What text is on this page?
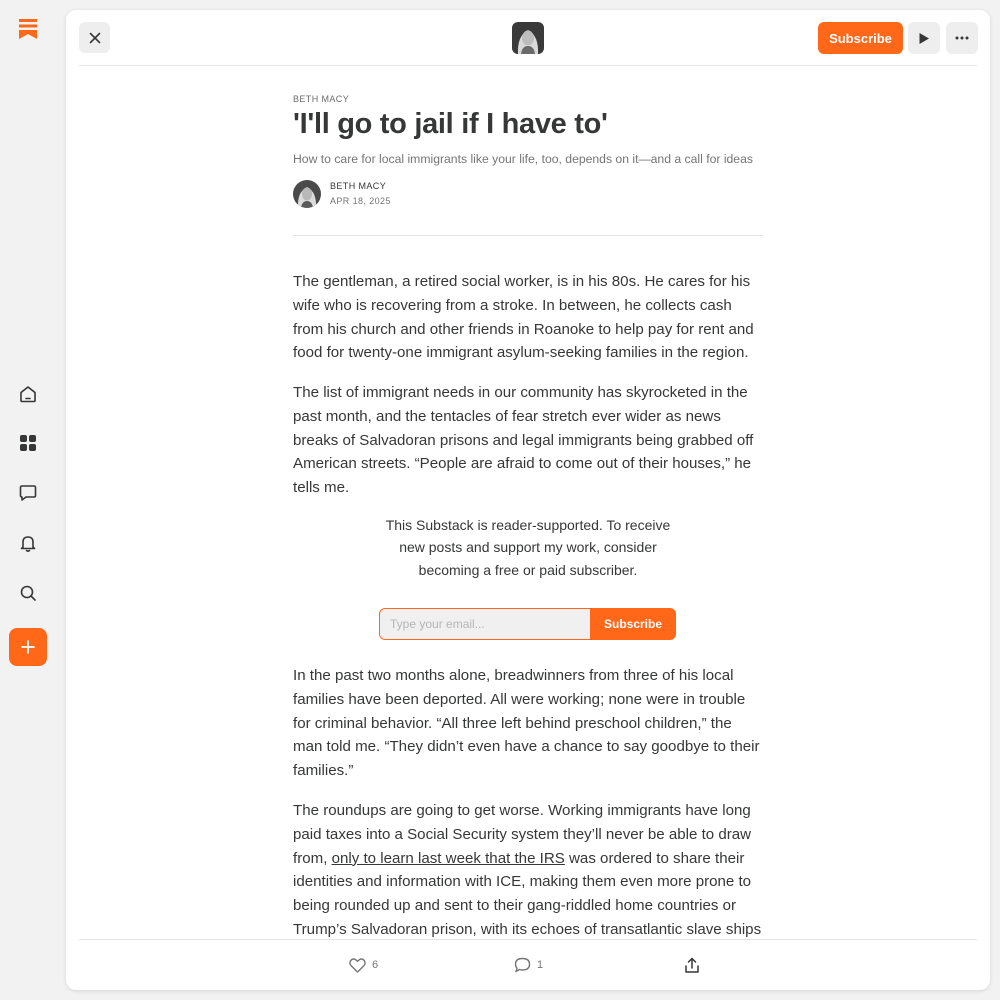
Subscribe
BETH MACY
'I'll go to jail if I have to'
How to care for local immigrants like your life, too, depends on it—and a call for ideas
BETH MACY
APR 18, 2025

The gentleman, a retired social worker, is in his 80s. He cares for his wife who is recovering from a stroke. In between, he collects cash from his church and other friends in Roanoke to help pay for rent and food for twenty-one immigrant asylum-seeking families in the region.

The list of immigrant needs in our community has skyrocketed in the past month, and the tentacles of fear stretch ever wider as news breaks of Salvadoran prisons and legal immigrants being grabbed off American streets. “People are afraid to come out of their houses,” he tells me.

This Substack is reader-supported. To receive new posts and support my work, consider becoming a free or paid subscriber.

Type your email...
Subscribe

In the past two months alone, breadwinners from three of his local families have been deported. All were working; none were in trouble for criminal behavior. “All three left behind preschool children,” the man told me. “They didn’t even have a chance to say goodbye to their families.”

The roundups are going to get worse. Working immigrants have long paid taxes into a Social Security system they’ll never be able to draw from, only to learn last week that the IRS was ordered to share their identities and information with ICE, making them even more prone to being rounded up and sent to their gang-riddled home countries or Trump’s Salvadoran prison, with its echoes of transatlantic slave ships

6	1
